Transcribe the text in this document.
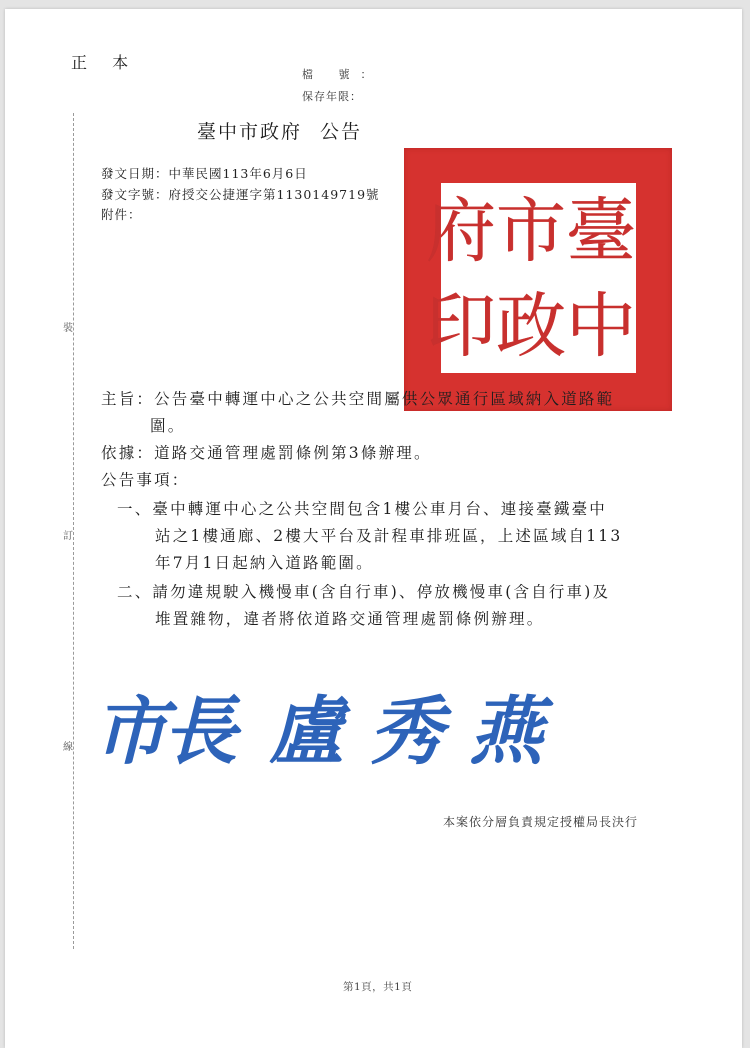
正 本
檔 號：
保存年限：
臺中市政府 公告
發文日期：中華民國113年6月6日
發文字號：府授交公捷運字第1130149719號
附件：
裝
訂
線
臺
中
市
政
府
印
主旨：公告臺中轉運中心之公共空間屬供公眾通行區域納入道路範
圍。
依據：道路交通管理處罰條例第3條辦理。
公告事項：
一、臺中轉運中心之公共空間包含1樓公車月台、連接臺鐵臺中
站之1樓通廊、2樓大平台及計程車排班區，上述區域自113
年7月1日起納入道路範圍。
二、請勿違規駛入機慢車(含自行車)、停放機慢車(含自行車)及
堆置雜物，違者將依道路交通管理處罰條例辦理。
市長 盧秀燕
本案依分層負責規定授權局長決行
第1頁，共1頁
